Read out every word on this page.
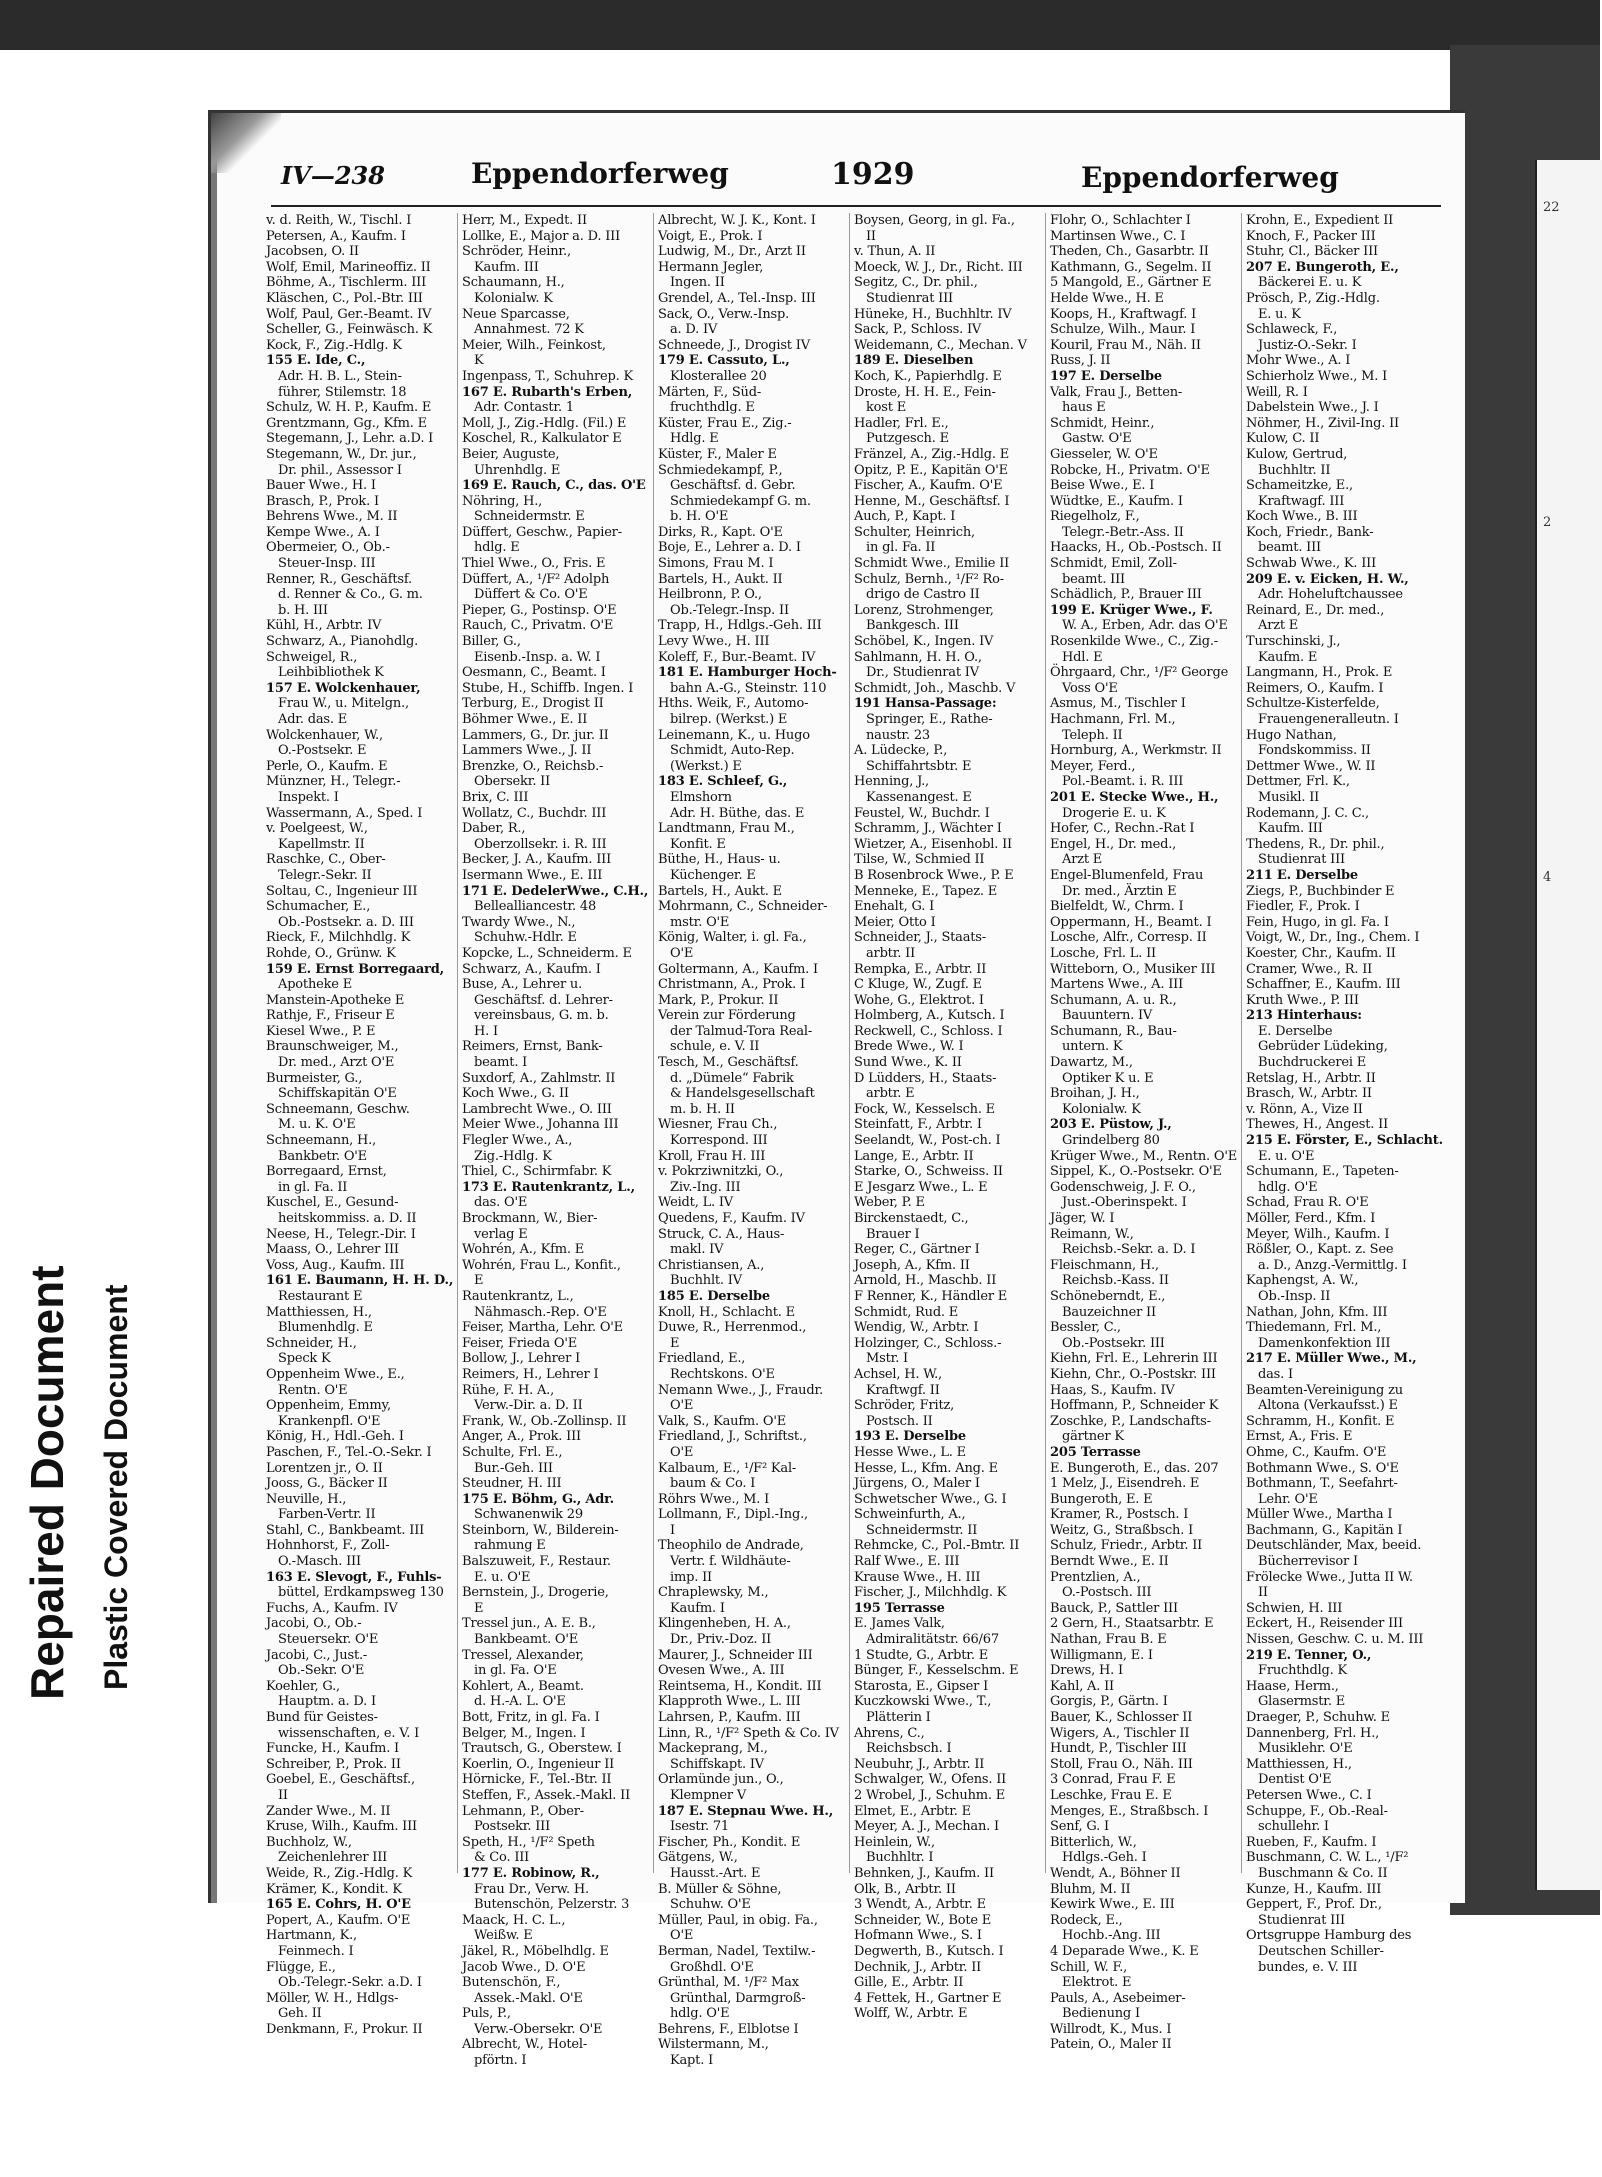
22
2
4
Repaired Document Plastic Covered Document
IV—238	Eppendorferweg	1929	Eppendorferweg
v. d. Reith, W., Tischl. I
Petersen, A., Kaufm. I
Jacobsen, O. II
Wolf, Emil, Marineoffiz. II
Böhme, A., Tischlerm. III
Kläschen, C., Pol.-Btr. III
Wolf, Paul, Ger.-Beamt. IV
Scheller, G., Feinwäsch. K
Kock, F., Zig.-Hdlg. K
155 E. Ide, C.,
Adr. H. B. L., Stein-
führer, Stilemstr. 18
Schulz, W. H. P., Kaufm. E
Grentzmann, Gg., Kfm. E
Stegemann, J., Lehr. a.D. I
Stegemann, W., Dr. jur.,
Dr. phil., Assessor I
Bauer Wwe., H. I
Brasch, P., Prok. I
Behrens Wwe., M. II
Kempe Wwe., A. I
Obermeier, O., Ob.-
Steuer-Insp. III
Renner, R., Geschäftsf.
d. Renner & Co., G. m.
b. H. III
Kühl, H., Arbtr. IV
Schwarz, A., Pianohdlg.
Schweigel, R.,
Leihbibliothek K
157 E. Wolckenhauer,
Frau W., u. Mitelgn.,
Adr. das. E
Wolckenhauer, W.,
O.-Postsekr. E
Perle, O., Kaufm. E
Münzner, H., Telegr.-
Inspekt. I
Wassermann, A., Sped. I
v. Poelgeest, W.,
Kapellmstr. II
Raschke, C., Ober-
Telegr.-Sekr. II
Soltau, C., Ingenieur III
Schumacher, E.,
Ob.-Postsekr. a. D. III
Rieck, F., Milchhdlg. K
Rohde, O., Grünw. K
159 E. Ernst Borregaard,
Apotheke E
Manstein-Apotheke E
Rathje, F., Friseur E
Kiesel Wwe., P. E
Braunschweiger, M.,
Dr. med., Arzt O'E
Burmeister, G.,
Schiffskapitän O'E
Schneemann, Geschw.
M. u. K. O'E
Schneemann, H.,
Bankbetr. O'E
Borregaard, Ernst,
in gl. Fa. II
Kuschel, E., Gesund-
heitskommiss. a. D. II
Neese, H., Telegr.-Dir. I
Maass, O., Lehrer III
Voss, Aug., Kaufm. III
161 E. Baumann, H. H. D.,
Restaurant E
Matthiessen, H.,
Blumenhdlg. E
Schneider, H.,
Speck K
Oppenheim Wwe., E.,
Rentn. O'E
Oppenheim, Emmy,
Krankenpfl. O'E
König, H., Hdl.-Geh. I
Paschen, F., Tel.-O.-Sekr. I
Lorentzen jr., O. II
Jooss, G., Bäcker II
Neuville, H.,
Farben-Vertr. II
Stahl, C., Bankbeamt. III
Hohnhorst, F., Zoll-
O.-Masch. III
163 E. Slevogt, F., Fuhls-
büttel, Erdkampsweg 130
Fuchs, A., Kaufm. IV
Jacobi, O., Ob.-
Steuersekr. O'E
Jacobi, C., Just.-
Ob.-Sekr. O'E
Koehler, G.,
Hauptm. a. D. I
Bund für Geistes-
wissenschaften, e. V. I
Funcke, H., Kaufm. I
Schreiber, P., Prok. II
Goebel, E., Geschäftsf.,
II
Zander Wwe., M. II
Kruse, Wilh., Kaufm. III
Buchholz, W.,
Zeichenlehrer III
Weide, R., Zig.-Hdlg. K
Krämer, K., Kondit. K
165 E. Cohrs, H. O'E
Popert, A., Kaufm. O'E
Hartmann, K.,
Feinmech. I
Flügge, E.,
Ob.-Telegr.-Sekr. a.D. I
Möller, W. H., Hdlgs-
Geh. II
Denkmann, F., Prokur. II
Herr, M., Expedt. II
Lollke, E., Major a. D. III
Schröder, Heinr.,
Kaufm. III
Schaumann, H.,
Kolonialw. K
Neue Sparcasse,
Annahmest. 72 K
Meier, Wilh., Feinkost,
K
Ingenpass, T., Schuhrep. K
167 E. Rubarth's Erben,
Adr. Contastr. 1
Moll, J., Zig.-Hdlg. (Fil.) E
Koschel, R., Kalkulator E
Beier, Auguste,
Uhrenhdlg. E
169 E. Rauch, C., das. O'E
Nöhring, H.,
Schneidermstr. E
Düffert, Geschw., Papier-
hdlg. E
Thiel Wwe., O., Fris. E
Düffert, A., ¹/F² Adolph
Düffert & Co. O'E
Pieper, G., Postinsp. O'E
Rauch, C., Privatm. O'E
Biller, G.,
Eisenb.-Insp. a. W. I
Oesmann, C., Beamt. I
Stube, H., Schiffb. Ingen. I
Terburg, E., Drogist II
Böhmer Wwe., E. II
Lammers, G., Dr. jur. II
Lammers Wwe., J. II
Brenzke, O., Reichsb.-
Obersekr. II
Brix, C. III
Wollatz, C., Buchdr. III
Daber, R.,
Oberzollsekr. i. R. III
Becker, J. A., Kaufm. III
Isermann Wwe., E. III
171 E. DedelerWwe., C.H.,
Bellealliancestr. 48
Twardy Wwe., N.,
Schuhw.-Hdlr. E
Kopcke, L., Schneiderm. E
Schwarz, A., Kaufm. I
Buse, A., Lehrer u.
Geschäftsf. d. Lehrer-
vereinsbaus, G. m. b.
H. I
Reimers, Ernst, Bank-
beamt. I
Suxdorf, A., Zahlmstr. II
Koch Wwe., G. II
Lambrecht Wwe., O. III
Meier Wwe., Johanna III
Flegler Wwe., A.,
Zig.-Hdlg. K
Thiel, C., Schirmfabr. K
173 E. Rautenkrantz, L.,
das. O'E
Brockmann, W., Bier-
verlag E
Wohrén, A., Kfm. E
Wohrén, Frau L., Konfit.,
E
Rautenkrantz, L.,
Nähmasch.-Rep. O'E
Feiser, Martha, Lehr. O'E
Feiser, Frieda O'E
Bollow, J., Lehrer I
Reimers, H., Lehrer I
Rühe, F. H. A.,
Verw.-Dir. a. D. II
Frank, W., Ob.-Zollinsp. II
Anger, A., Prok. III
Schulte, Frl. E.,
Bur.-Geh. III
Steudner, H. III
175 E. Böhm, G., Adr.
Schwanenwik 29
Steinborn, W., Bilderein-
rahmung E
Balszuweit, F., Restaur.
E. u. O'E
Bernstein, J., Drogerie,
E
Tressel jun., A. E. B.,
Bankbeamt. O'E
Tressel, Alexander,
in gl. Fa. O'E
Kohlert, A., Beamt.
d. H.-A. L. O'E
Bott, Fritz, in gl. Fa. I
Belger, M., Ingen. I
Trautsch, G., Oberstew. I
Koerlin, O., Ingenieur II
Hörnicke, F., Tel.-Btr. II
Steffen, F., Assek.-Makl. II
Lehmann, P., Ober-
Postsekr. III
Speth, H., ¹/F² Speth
& Co. III
177 E. Robinow, R.,
Frau Dr., Verw. H.
Butenschön, Pelzerstr. 3
Maack, H. C. L.,
Weißw. E
Jäkel, R., Möbelhdlg. E
Jacob Wwe., D. O'E
Butenschön, F.,
Assek.-Makl. O'E
Puls, P.,
Verw.-Obersekr. O'E
Albrecht, W., Hotel-
pförtn. I
Albrecht, W. J. K., Kont. I
Voigt, E., Prok. I
Ludwig, M., Dr., Arzt II
Hermann Jegler,
Ingen. II
Grendel, A., Tel.-Insp. III
Sack, O., Verw.-Insp.
a. D. IV
Schneede, J., Drogist IV
179 E. Cassuto, L.,
Klosterallee 20
Märten, F., Süd-
fruchthdlg. E
Küster, Frau E., Zig.-
Hdlg. E
Küster, F., Maler E
Schmiedekampf, P.,
Geschäftsf. d. Gebr.
Schmiedekampf G. m.
b. H. O'E
Dirks, R., Kapt. O'E
Boje, E., Lehrer a. D. I
Simons, Frau M. I
Bartels, H., Aukt. II
Heilbronn, P. O.,
Ob.-Telegr.-Insp. II
Trapp, H., Hdlgs.-Geh. III
Levy Wwe., H. III
Koleff, F., Bur.-Beamt. IV
181 E. Hamburger Hoch-
bahn A.-G., Steinstr. 110
Hths. Weik, F., Automo-
bilrep. (Werkst.) E
Leinemann, K., u. Hugo
Schmidt, Auto-Rep.
(Werkst.) E
183 E. Schleef, G.,
Elmshorn
Adr. H. Büthe, das. E
Landtmann, Frau M.,
Konfit. E
Büthe, H., Haus- u.
Küchenger. E
Bartels, H., Aukt. E
Mohrmann, C., Schneider-
mstr. O'E
König, Walter, i. gl. Fa.,
O'E
Goltermann, A., Kaufm. I
Christmann, A., Prok. I
Mark, P., Prokur. II
Verein zur Förderung
der Talmud-Tora Real-
schule, e. V. II
Tesch, M., Geschäftsf.
d. „Dümele“ Fabrik
& Handelsgesellschaft
m. b. H. II
Wiesner, Frau Ch.,
Korrespond. III
Kroll, Frau H. III
v. Pokrziwnitzki, O.,
Ziv.-Ing. III
Weidt, L. IV
Quedens, F., Kaufm. IV
Struck, C. A., Haus-
makl. IV
Christiansen, A.,
Buchhlt. IV
185 E. Derselbe
Knoll, H., Schlacht. E
Duwe, R., Herrenmod.,
E
Friedland, E.,
Rechtskons. O'E
Nemann Wwe., J., Fraudr.
O'E
Valk, S., Kaufm. O'E
Friedland, J., Schriftst.,
O'E
Kalbaum, E., ¹/F² Kal-
baum & Co. I
Röhrs Wwe., M. I
Lollmann, F., Dipl.-Ing.,
I
Theophilo de Andrade,
Vertr. f. Wildhäute-
imp. II
Chraplewsky, M.,
Kaufm. I
Klingenheben, H. A.,
Dr., Priv.-Doz. II
Maurer, J., Schneider III
Ovesen Wwe., A. III
Reintsema, H., Kondit. III
Klapproth Wwe., L. III
Lahrsen, P., Kaufm. III
Linn, R., ¹/F² Speth & Co. IV
Mackeprang, M.,
Schiffskapt. IV
Orlamünde jun., O.,
Klempner V
187 E. Stepnau Wwe. H.,
Isestr. 71
Fischer, Ph., Kondit. E
Gätgens, W.,
Hausst.-Art. E
B. Müller & Söhne,
Schuhw. O'E
Müller, Paul, in obig. Fa.,
O'E
Berman, Nadel, Textilw.-
Großhdl. O'E
Grünthal, M. ¹/F² Max
Grünthal, Darmgroß-
hdlg. O'E
Behrens, F., Elblotse I
Wilstermann, M.,
Kapt. I
Boysen, Georg, in gl. Fa.,
II
v. Thun, A. II
Moeck, W. J., Dr., Richt. III
Segitz, C., Dr. phil.,
Studienrat III
Hüneke, H., Buchhltr. IV
Sack, P., Schloss. IV
Weidemann, C., Mechan. V
189 E. Dieselben
Koch, K., Papierhdlg. E
Droste, H. H. E., Fein-
kost E
Hadler, Frl. E.,
Putzgesch. E
Fränzel, A., Zig.-Hdlg. E
Opitz, P. E., Kapitän O'E
Fischer, A., Kaufm. O'E
Henne, M., Geschäftsf. I
Auch, P., Kapt. I
Schulter, Heinrich,
in gl. Fa. II
Schmidt Wwe., Emilie II
Schulz, Bernh., ¹/F² Ro-
drigo de Castro II
Lorenz, Strohmenger,
Bankgesch. III
Schöbel, K., Ingen. IV
Sahlmann, H. H. O.,
Dr., Studienrat IV
Schmidt, Joh., Maschb. V
191 Hansa-Passage:
Springer, E., Rathe-
naustr. 23
A. Lüdecke, P.,
Schiffahrtsbtr. E
Henning, J.,
Kassenangest. E
Feustel, W., Buchdr. I
Schramm, J., Wächter I
Wietzer, A., Eisenhobl. II
Tilse, W., Schmied II
B Rosenbrock Wwe., P. E
Menneke, E., Tapez. E
Enehalt, G. I
Meier, Otto I
Schneider, J., Staats-
arbtr. II
Rempka, E., Arbtr. II
C Kluge, W., Zugf. E
Wohe, G., Elektrot. I
Holmberg, A., Kutsch. I
Reckwell, C., Schloss. I
Brede Wwe., W. I
Sund Wwe., K. II
D Lüdders, H., Staats-
arbtr. E
Fock, W., Kesselsch. E
Steinfatt, F., Arbtr. I
Seelandt, W., Post-ch. I
Lange, E., Arbtr. II
Starke, O., Schweiss. II
E Jesgarz Wwe., L. E
Weber, P. E
Birckenstaedt, C.,
Brauer I
Reger, C., Gärtner I
Joseph, A., Kfm. II
Arnold, H., Maschb. II
F Renner, K., Händler E
Schmidt, Rud. E
Wendig, W., Arbtr. I
Holzinger, C., Schloss.-
Mstr. I
Achsel, H. W.,
Kraftwgf. II
Schröder, Fritz,
Postsch. II
193 E. Derselbe
Hesse Wwe., L. E
Hesse, L., Kfm. Ang. E
Jürgens, O., Maler I
Schwetscher Wwe., G. I
Schweinfurth, A.,
Schneidermstr. II
Rehmcke, C., Pol.-Bmtr. II
Ralf Wwe., E. III
Krause Wwe., H. III
Fischer, J., Milchhdlg. K
195 Terrasse
E. James Valk,
Admiralitätstr. 66/67
1 Studte, G., Arbtr. E
Bünger, F., Kesselschm. E
Starosta, E., Gipser I
Kuczkowski Wwe., T.,
Plätterin I
Ahrens, C.,
Reichsbsch. I
Neubuhr, J., Arbtr. II
Schwalger, W., Ofens. II
2 Wrobel, J., Schuhm. E
Elmet, E., Arbtr. E
Meyer, A. J., Mechan. I
Heinlein, W.,
Buchhltr. I
Behnken, J., Kaufm. II
Olk, B., Arbtr. II
3 Wendt, A., Arbtr. E
Schneider, W., Bote E
Hofmann Wwe., S. I
Degwerth, B., Kutsch. I
Dechnik, J., Arbtr. II
Gille, E., Arbtr. II
4 Fettek, H., Gartner E
Wolff, W., Arbtr. E
Flohr, O., Schlachter I
Martinsen Wwe., C. I
Theden, Ch., Gasarbtr. II
Kathmann, G., Segelm. II
5 Mangold, E., Gärtner E
Helde Wwe., H. E
Koops, H., Kraftwagf. I
Schulze, Wilh., Maur. I
Kouril, Frau M., Näh. II
Russ, J. II
197 E. Derselbe
Valk, Frau J., Betten-
haus E
Schmidt, Heinr.,
Gastw. O'E
Giesseler, W. O'E
Robcke, H., Privatm. O'E
Beise Wwe., E. I
Wüdtke, E., Kaufm. I
Riegelholz, F.,
Telegr.-Betr.-Ass. II
Haacks, H., Ob.-Postsch. II
Schmidt, Emil, Zoll-
beamt. III
Schädlich, P., Brauer III
199 E. Krüger Wwe., F.
W. A., Erben, Adr. das O'E
Rosenkilde Wwe., C., Zig.-
Hdl. E
Öhrgaard, Chr., ¹/F² George
Voss O'E
Asmus, M., Tischler I
Hachmann, Frl. M.,
Teleph. II
Hornburg, A., Werkmstr. II
Meyer, Ferd.,
Pol.-Beamt. i. R. III
201 E. Stecke Wwe., H.,
Drogerie E. u. K
Hofer, C., Rechn.-Rat I
Engel, H., Dr. med.,
Arzt E
Engel-Blumenfeld, Frau
Dr. med., Ärztin E
Bielfeldt, W., Chrm. I
Oppermann, H., Beamt. I
Losche, Alfr., Corresp. II
Losche, Frl. L. II
Witteborn, O., Musiker III
Martens Wwe., A. III
Schumann, A. u. R.,
Bauuntern. IV
Schumann, R., Bau-
untern. K
Dawartz, M.,
Optiker K u. E
Broihan, J. H.,
Kolonialw. K
203 E. Püstow, J.,
Grindelberg 80
Krüger Wwe., M., Rentn. O'E
Sippel, K., O.-Postsekr. O'E
Godenschweig, J. F. O.,
Just.-Oberinspekt. I
Jäger, W. I
Reimann, W.,
Reichsb.-Sekr. a. D. I
Fleischmann, H.,
Reichsb.-Kass. II
Schöneberndt, E.,
Bauzeichner II
Bessler, C.,
Ob.-Postsekr. III
Kiehn, Frl. E., Lehrerin III
Kiehn, Chr., O.-Postskr. III
Haas, S., Kaufm. IV
Hoffmann, P., Schneider K
Zoschke, P., Landschafts-
gärtner K
205 Terrasse
E. Bungeroth, E., das. 207
1 Melz, J., Eisendreh. E
Bungeroth, E. E
Kramer, R., Postsch. I
Weitz, G., Straßbsch. I
Schulz, Friedr., Arbtr. II
Berndt Wwe., E. II
Prentzlien, A.,
O.-Postsch. III
Bauck, P., Sattler III
2 Gern, H., Staatsarbtr. E
Nathan, Frau B. E
Willigmann, E. I
Drews, H. I
Kahl, A. II
Gorgis, P., Gärtn. I
Bauer, K., Schlosser II
Wigers, A., Tischler II
Hundt, P., Tischler III
Stoll, Frau O., Näh. III
3 Conrad, Frau F. E
Leschke, Frau E. E
Menges, E., Straßbsch. I
Senf, G. I
Bitterlich, W.,
Hdlgs.-Geh. I
Wendt, A., Böhner II
Bluhm, M. II
Kewirk Wwe., E. III
Rodeck, E.,
Hochb.-Ang. III
4 Deparade Wwe., K. E
Schill, W. F.,
Elektrot. E
Pauls, A., Asebeimer-
Bedienung I
Willrodt, K., Mus. I
Patein, O., Maler II
Krohn, E., Expedient II
Knoch, F., Packer III
Stuhr, Cl., Bäcker III
207 E. Bungeroth, E.,
Bäckerei E. u. K
Prösch, P., Zig.-Hdlg.
E. u. K
Schlaweck, F.,
Justiz-O.-Sekr. I
Mohr Wwe., A. I
Schierholz Wwe., M. I
Weill, R. I
Dabelstein Wwe., J. I
Nöhmer, H., Zivil-Ing. II
Kulow, C. II
Kulow, Gertrud,
Buchhltr. II
Schameitzke, E.,
Kraftwagf. III
Koch Wwe., B. III
Koch, Friedr., Bank-
beamt. III
Schwab Wwe., K. III
209 E. v. Eicken, H. W.,
Adr. Hoheluftchaussee
Reinard, E., Dr. med.,
Arzt E
Turschinski, J.,
Kaufm. E
Langmann, H., Prok. E
Reimers, O., Kaufm. I
Schultze-Kisterfelde,
Frauengeneralleutn. I
Hugo Nathan,
Fondskommiss. II
Dettmer Wwe., W. II
Dettmer, Frl. K.,
Musikl. II
Rodemann, J. C. C.,
Kaufm. III
Thedens, R., Dr. phil.,
Studienrat III
211 E. Derselbe
Ziegs, P., Buchbinder E
Fiedler, F., Prok. I
Fein, Hugo, in gl. Fa. I
Voigt, W., Dr., Ing., Chem. I
Koester, Chr., Kaufm. II
Cramer, Wwe., R. II
Schaffner, E., Kaufm. III
Kruth Wwe., P. III
213 Hinterhaus:
E. Derselbe
Gebrüder Lüdeking,
Buchdruckerei E
Retslag, H., Arbtr. II
Brasch, W., Arbtr. II
v. Rönn, A., Vize II
Thewes, H., Angest. II
215 E. Förster, E., Schlacht.
E. u. O'E
Schumann, E., Tapeten-
hdlg. O'E
Schad, Frau R. O'E
Möller, Ferd., Kfm. I
Meyer, Wilh., Kaufm. I
Rößler, O., Kapt. z. See
a. D., Anzg.-Vermittlg. I
Kaphengst, A. W.,
Ob.-Insp. II
Nathan, John, Kfm. III
Thiedemann, Frl. M.,
Damenkonfektion III
217 E. Müller Wwe., M.,
das. I
Beamten-Vereinigung zu
Altona (Verkaufsst.) E
Schramm, H., Konfit. E
Ernst, A., Fris. E
Ohme, C., Kaufm. O'E
Bothmann Wwe., S. O'E
Bothmann, T., Seefahrt-
Lehr. O'E
Müller Wwe., Martha I
Bachmann, G., Kapitän I
Deutschländer, Max, beeid.
Bücherrevisor I
Frölecke Wwe., Jutta II W.
II
Schwien, H. III
Eckert, H., Reisender III
Nissen, Geschw. C. u. M. III
219 E. Tenner, O.,
Fruchthdlg. K
Haase, Herm.,
Glasermstr. E
Draeger, P., Schuhw. E
Dannenberg, Frl. H.,
Musiklehr. O'E
Matthiessen, H.,
Dentist O'E
Petersen Wwe., C. I
Schuppe, F., Ob.-Real-
schullehr. I
Rueben, F., Kaufm. I
Buschmann, C. W. L., ¹/F²
Buschmann & Co. II
Kunze, H., Kaufm. III
Geppert, F., Prof. Dr.,
Studienrat III
Ortsgruppe Hamburg des
Deutschen Schiller-
bundes, e. V. III
